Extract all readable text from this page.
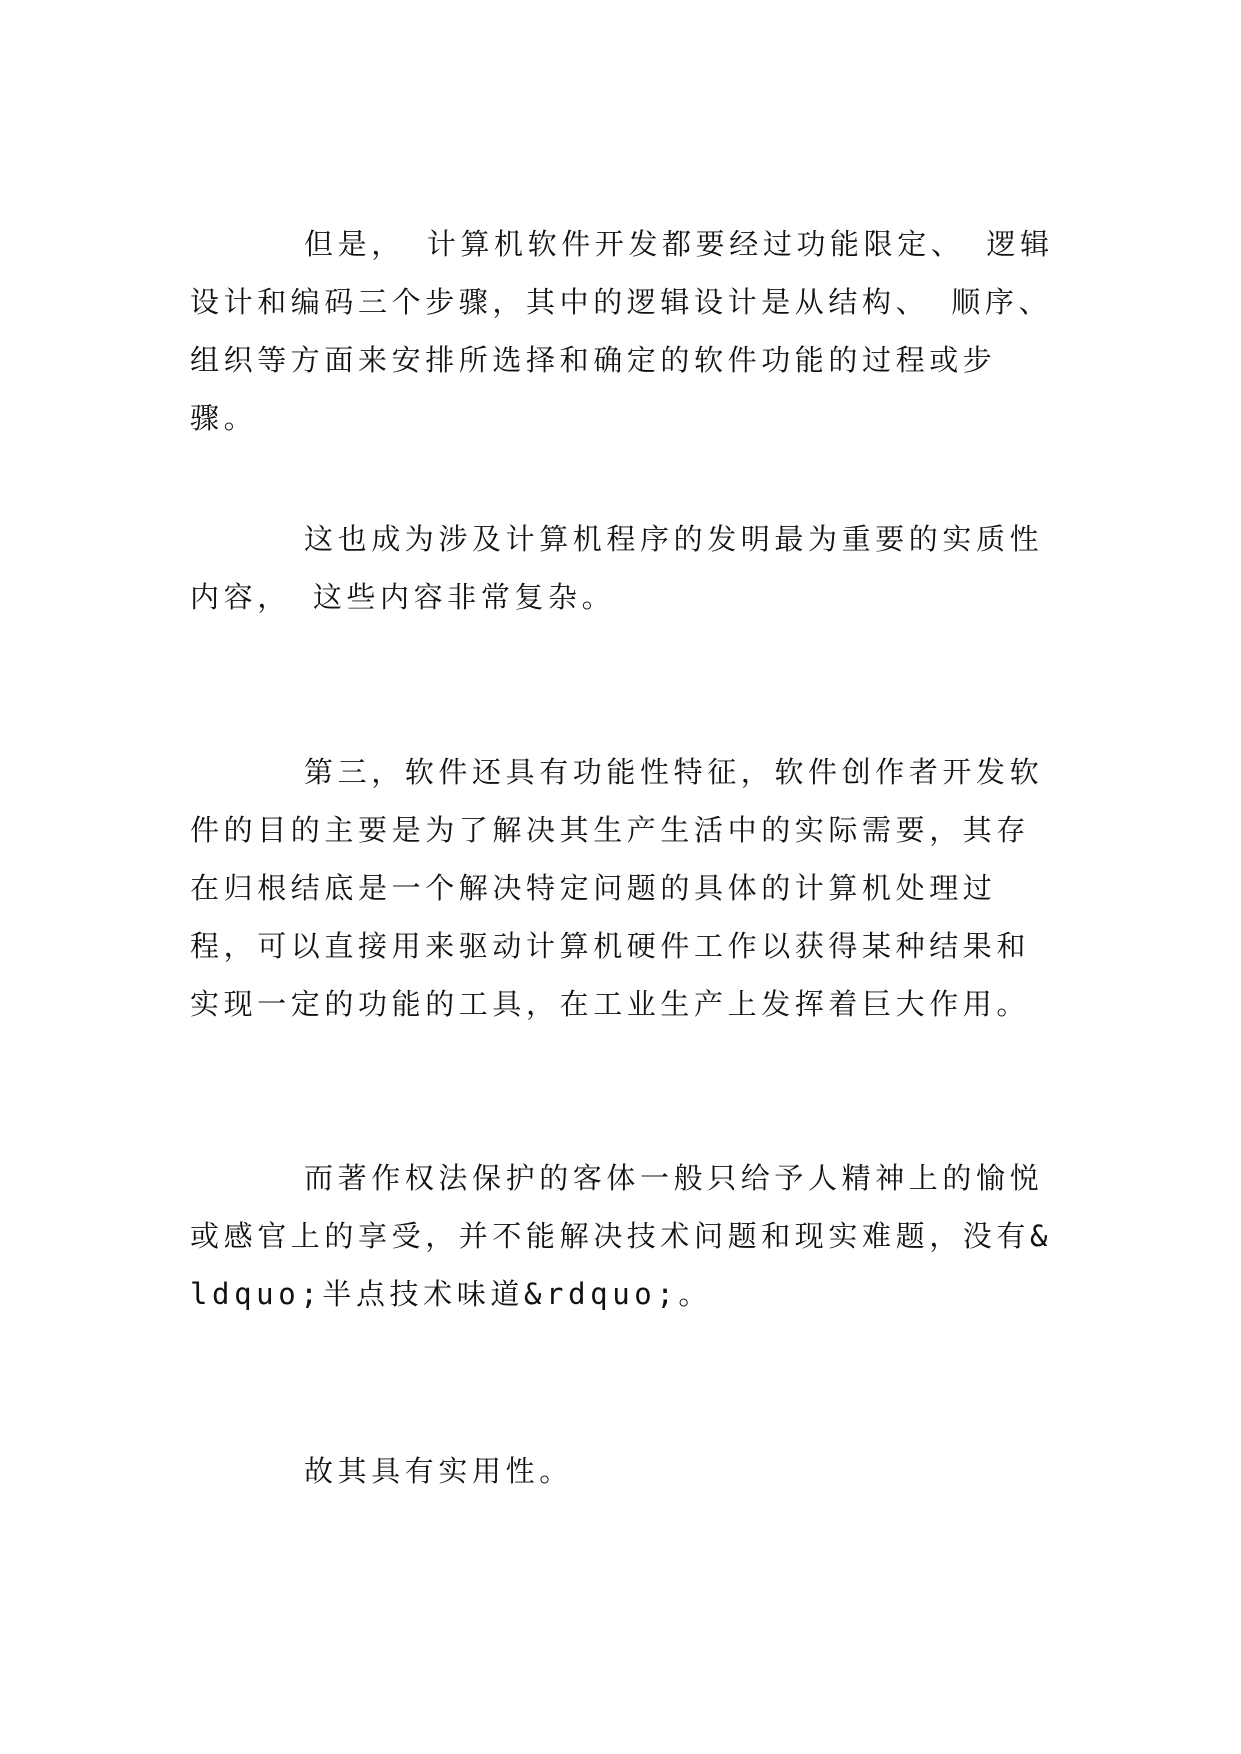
但是， 计算机软件开发都要经过功能限定、 逻辑设计和编码三个步骤，其中的逻辑设计是从结构、 顺序、组织等方面来安排所选择和确定的软件功能的过程或步骤。

这也成为涉及计算机程序的发明最为重要的实质性内容， 这些内容非常复杂。

第三，软件还具有功能性特征，软件创作者开发软件的目的主要是为了解决其生产生活中的实际需要，其存在归根结底是一个解决特定问题的具体的计算机处理过程，可以直接用来驱动计算机硬件工作以获得某种结果和实现一定的功能的工具，在工业生产上发挥着巨大作用。

而著作权法保护的客体一般只给予人精神上的愉悦或感官上的享受，并不能解决技术问题和现实难题，没有&ldquo;半点技术味道&rdquo;。

故其具有实用性。
